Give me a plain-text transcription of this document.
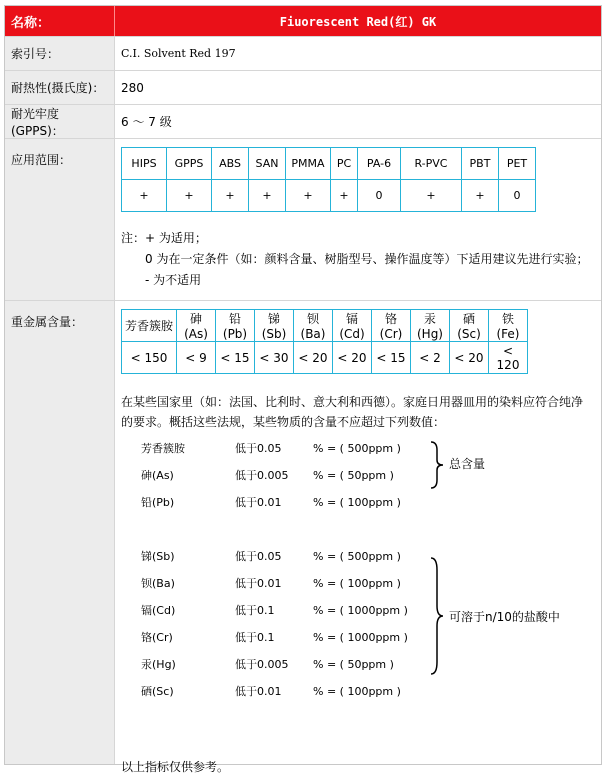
名称：	Fiuorescent Red(红) GK
索引号：	C.I. Solvent Red 197
耐热性(摄氏度)：	280
耐光牢度(GPPS)：
6 ～ 7 级
应用范围：	HIPS	GPPS	ABS	SAN	PMMA	PC	PA-6	R-PVC	PBT	PET
+	+	+	+	+	+	0	+	+	0
注：+ 为适用；
0 为在一定条件（如：颜料含量、树脂型号、操作温度等）下适用建议先进行实验；
- 为不适用
重金属含量：	芳香簇胺	砷(As)	铅(Pb)	锑(Sb)	钡(Ba)	镉(Cd)	铬(Cr)	汞(Hg)	硒(Sc)	铁(Fe)
< 150	< 9	< 15	< 30	< 20	< 20	< 15	< 2	< 20	< 120
在某些国家里（如：法国、比利时、意大利和西德）。家庭日用器皿用的染料应符合纯净的要求。概括这些法规，某些物质的含量不应超过下列数值：
总含量
可溶于n/10的盐酸中
以上指标仅供参考。
芳香簇胺	低于0.05	% = ( 500ppm )
砷(As)	低于0.005	% = ( 50ppm )
铅(Pb)	低于0.01	% = ( 100ppm )
锑(Sb)	低于0.05	% = ( 500ppm )
钡(Ba)	低于0.01	% = ( 100ppm )
镉(Cd)	低于0.1	% = ( 1000ppm )
铬(Cr)	低于0.1	% = ( 1000ppm )
汞(Hg)	低于0.005	% = ( 50ppm )
硒(Sc)	低于0.01	% = ( 100ppm )
